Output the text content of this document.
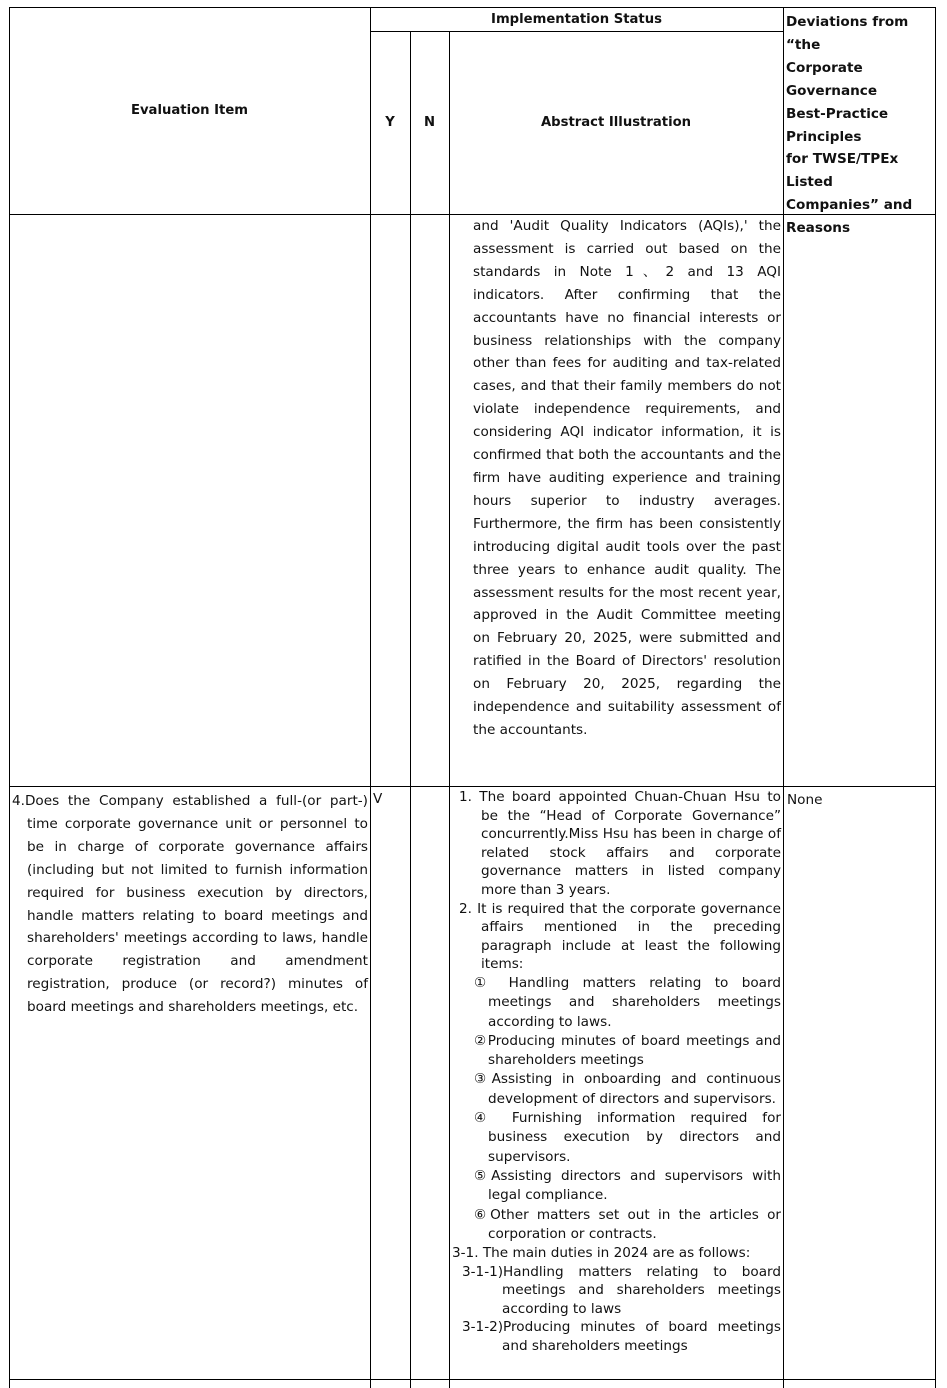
Evaluation Item
Implementation Status
Y N	Abstract Illustration
Deviations from
“the
Corporate
Governance
Best-Practice
Principles
for TWSE/TPEx Listed
Companies” and
Reasons
and 'Audit Quality Indicators (AQIs),' the assessment is carried out based on the standards in Note 1、2 and 13 AQI indicators. After confirming that the accountants have no financial interests or business relationships with the company other than fees for auditing and tax-related cases, and that their family members do not violate independence requirements, and considering AQI indicator information, it is confirmed that both the accountants and the firm have auditing experience and training hours superior to industry averages. Furthermore, the firm has been consistently introducing digital audit tools over the past three years to enhance audit quality. The assessment results for the most recent year, approved in the Audit Committee meeting on February 20, 2025, were submitted and ratified in the Board of Directors' resolution on February 20, 2025, regarding the independence and suitability assessment of the accountants.
4.Does the Company established a full-(or part-) time corporate governance unit or personnel to be in charge of corporate governance affairs (including but not limited to furnish information required for business execution by directors, handle matters relating to board meetings and shareholders' meetings according to laws, handle corporate registration and amendment registration, produce (or record?) minutes of board meetings and shareholders meetings, etc.
V	1. The board appointed Chuan-Chuan Hsu to be the “Head of Corporate Governance” concurrently.Miss Hsu has been in charge of related stock affairs and corporate governance matters in listed company more than 3 years.

2. It is required that the corporate governance affairs mentioned in the preceding paragraph include at least the following items:

① Handling matters relating to board meetings and shareholders meetings according to laws.

②Producing minutes of board meetings and shareholders meetings

③Assisting in onboarding and continuous development of directors and supervisors.

④ Furnishing information required for business execution by directors and supervisors.

⑤Assisting directors and supervisors with legal compliance.

⑥Other matters set out in the articles or corporation or contracts.

3-1. The main duties in 2024 are as follows:

3-1-1)Handling matters relating to board meetings and shareholders meetings according to laws

3-1-2)Producing minutes of board meetings and shareholders meetings

None
